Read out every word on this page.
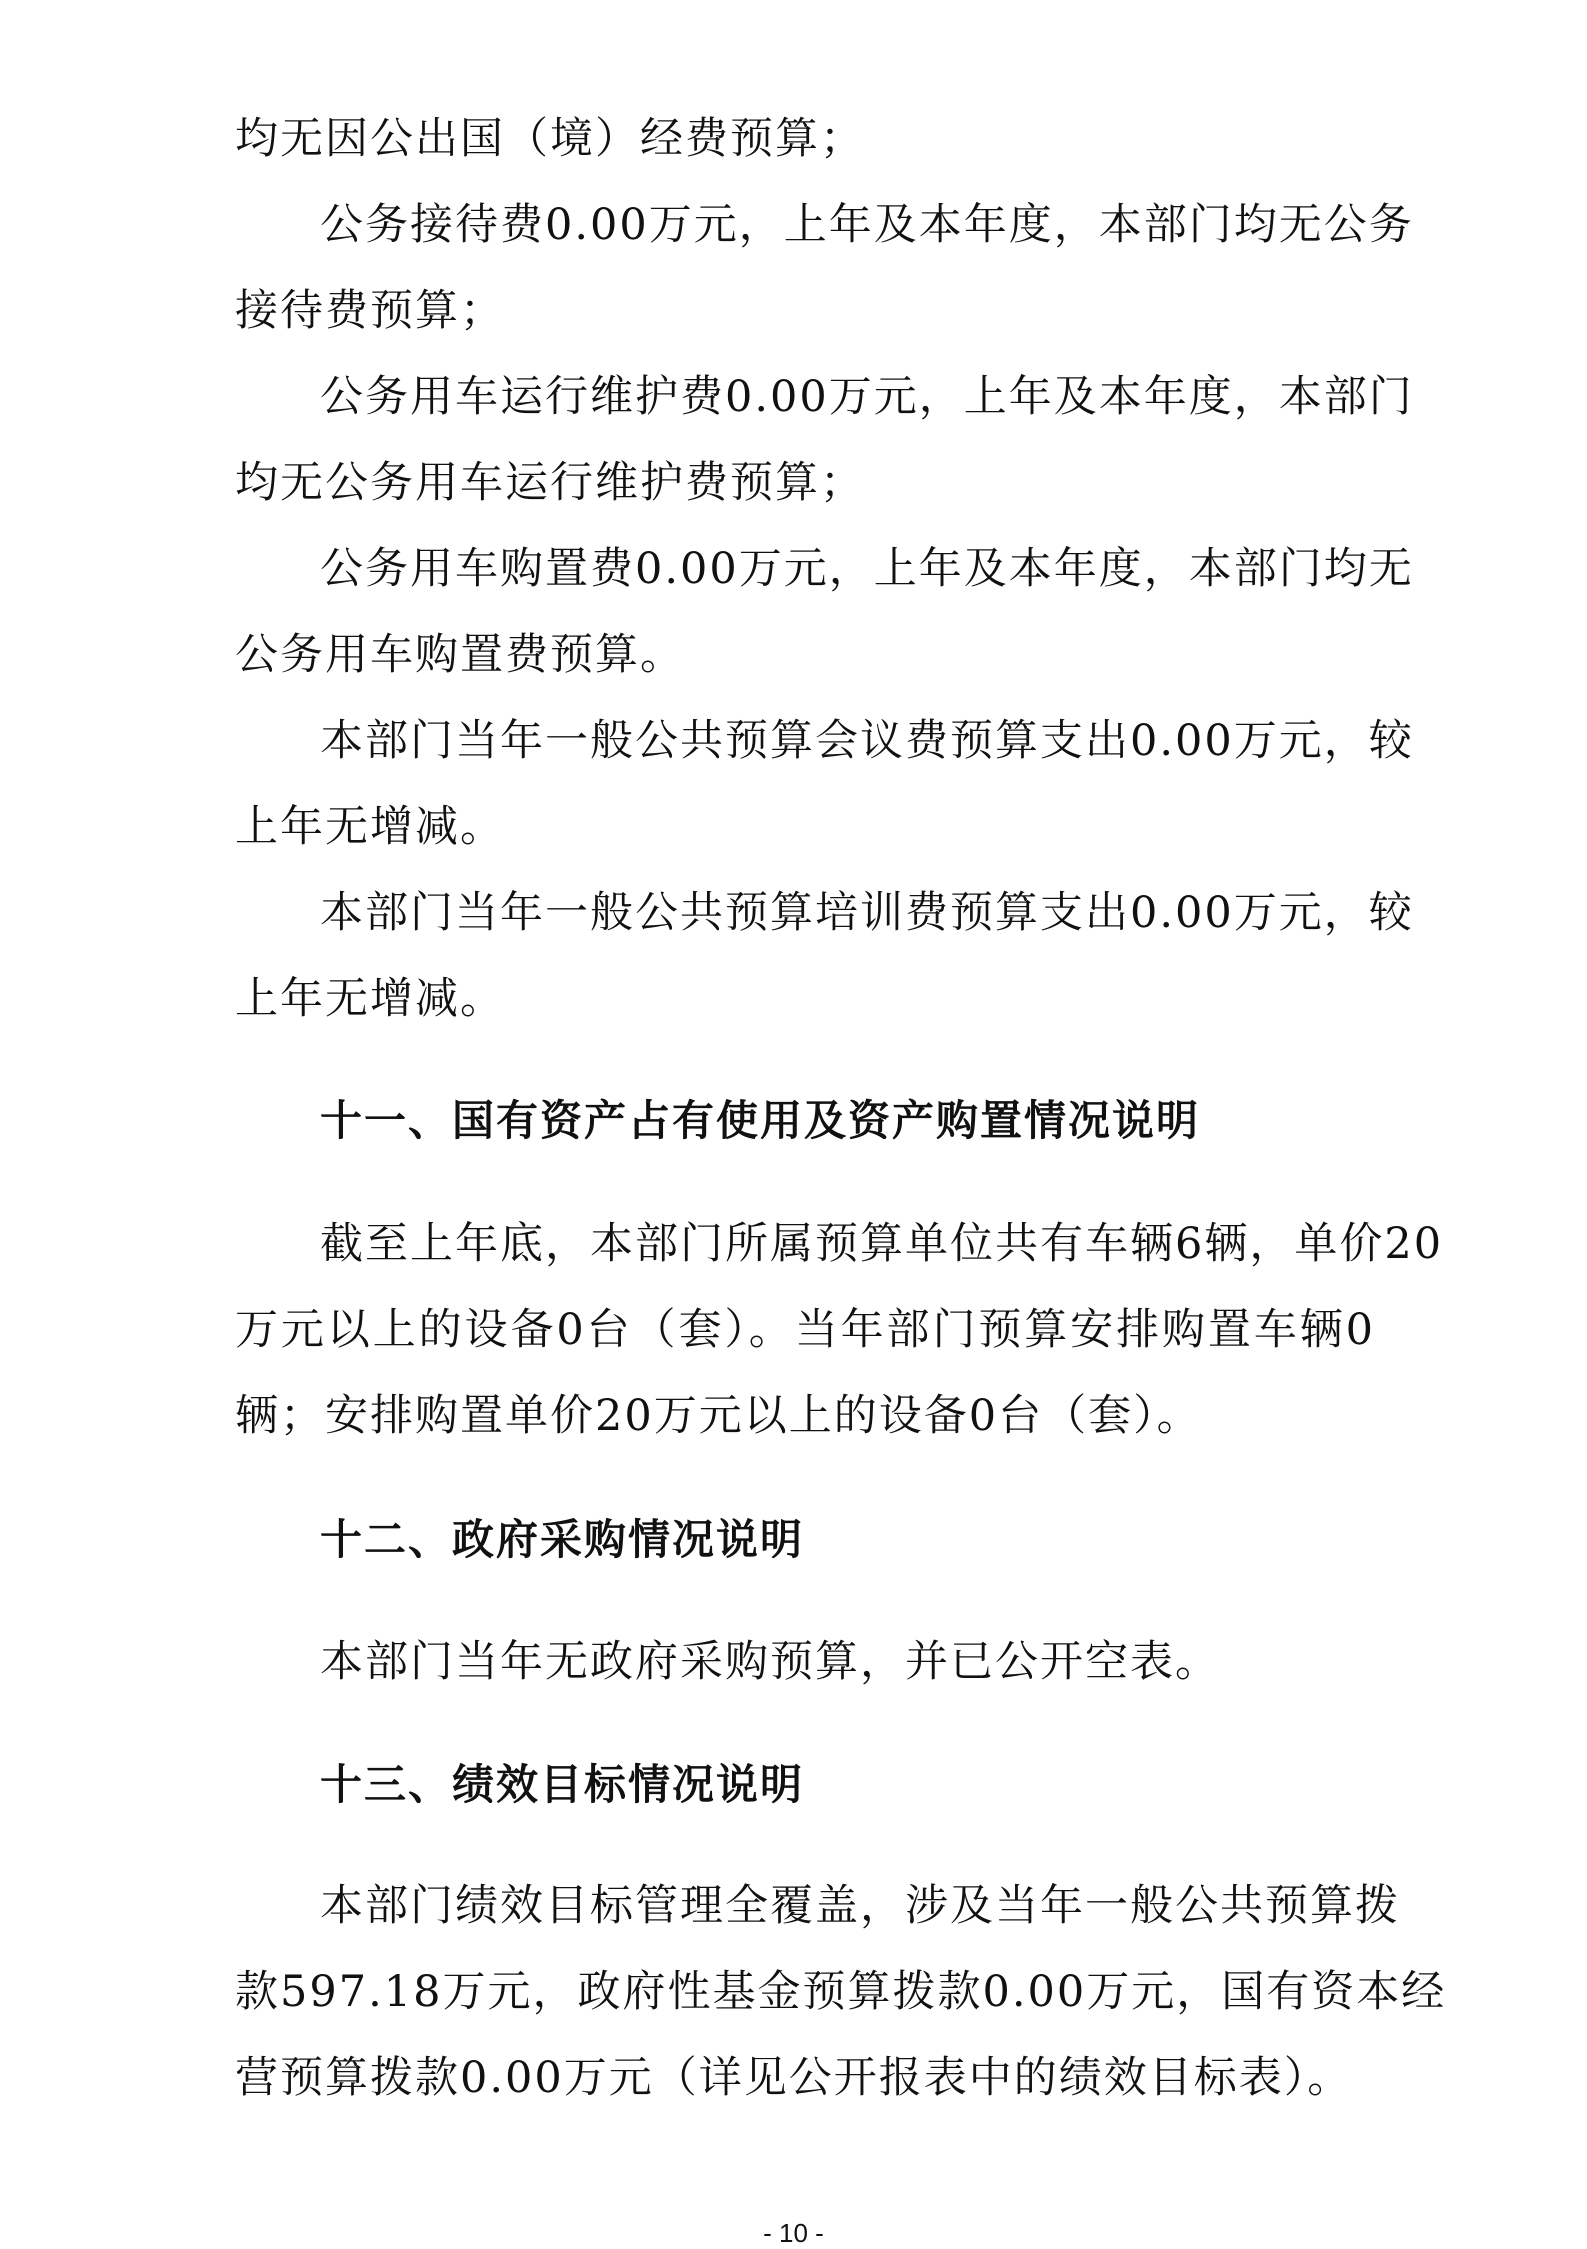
均无因公出国（境）经费预算；
公务接待费0.00万元，上年及本年度，本部门均无公务
接待费预算；
公务用车运行维护费0.00万元，上年及本年度，本部门
均无公务用车运行维护费预算；
公务用车购置费0.00万元，上年及本年度，本部门均无
公务用车购置费预算。
本部门当年一般公共预算会议费预算支出0.00万元，较
上年无增减。
本部门当年一般公共预算培训费预算支出0.00万元，较
上年无增减。
十一、国有资产占有使用及资产购置情况说明
截至上年底，本部门所属预算单位共有车辆6辆，单价20
万元以上的设备0台（套）。当年部门预算安排购置车辆0
辆；安排购置单价20万元以上的设备0台（套）。
十二、政府采购情况说明
本部门当年无政府采购预算，并已公开空表。
十三、绩效目标情况说明
本部门绩效目标管理全覆盖，涉及当年一般公共预算拨
款597.18万元，政府性基金预算拨款0.00万元，国有资本经
营预算拨款0.00万元（详见公开报表中的绩效目标表）。
- 10 -
